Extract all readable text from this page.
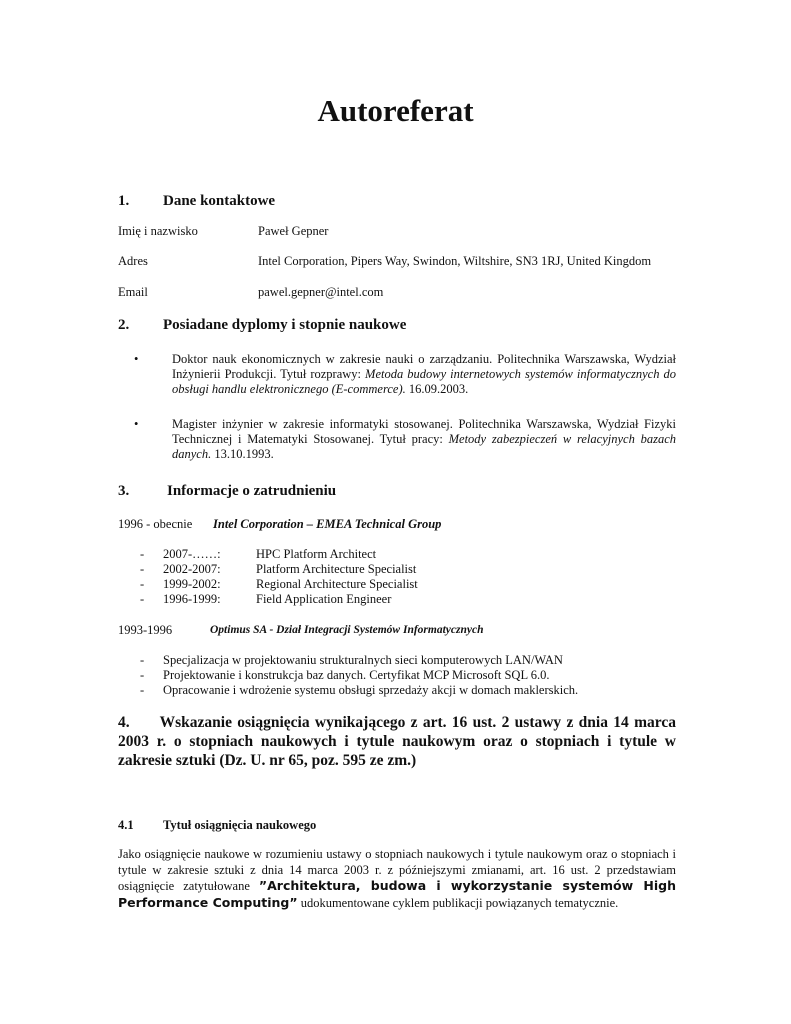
Autoreferat
1. Dane kontaktowe
Imię i nazwisko	Paweł Gepner
Adres	Intel Corporation, Pipers Way, Swindon, Wiltshire, SN3 1RJ, United Kingdom
Email	pawel.gepner@intel.com
2. Posiadane dyplomy i stopnie naukowe
•	Doktor nauk ekonomicznych w zakresie nauki o zarządzaniu. Politechnika Warszawska, Wydział Inżynierii Produkcji. Tytuł rozprawy: Metoda budowy internetowych systemów informatycznych do obsługi handlu elektronicznego (E-commerce). 16.09.2003.
•	Magister inżynier w zakresie informatyki stosowanej. Politechnika Warszawska, Wydział Fizyki Technicznej i Matematyki Stosowanej. Tytuł pracy: Metody zabezpieczeń w relacyjnych bazach danych. 13.10.1993.
3.	Informacje o zatrudnieniu
1996 - obecnie Intel Corporation – EMEA Technical Group
- 2007-……:	HPC Platform Architect
- 2002-2007:	Platform Architecture Specialist
- 1999-2002:	Regional Architecture Specialist
- 1996-1999:	Field Application Engineer
1993-1996	Optimus SA - Dział Integracji Systemów Informatycznych
- Specjalizacja w projektowaniu strukturalnych sieci komputerowych LAN/WAN
- Projektowanie i konstrukcja baz danych. Certyfikat MCP Microsoft SQL 6.0.
- Opracowanie i wdrożenie systemu obsługi sprzedaży akcji w domach maklerskich.
4. Wskazanie osiągnięcia wynikającego z art. 16 ust. 2 ustawy z dnia 14 marca 2003 r. o stopniach naukowych i tytule naukowym oraz o stopniach i tytule w zakresie sztuki (Dz. U. nr 65, poz. 595 ze zm.)
4.1 Tytuł osiągnięcia naukowego
Jako osiągnięcie naukowe w rozumieniu ustawy o stopniach naukowych i tytule naukowym oraz o stopniach i tytule w zakresie sztuki z dnia 14 marca 2003 r. z późniejszymi zmianami, art. 16 ust. 2 przedstawiam osiągnięcie zatytułowane ”Architektura, budowa i wykorzystanie systemów High Performance Computing” udokumentowane cyklem publikacji powiązanych tematycznie.
